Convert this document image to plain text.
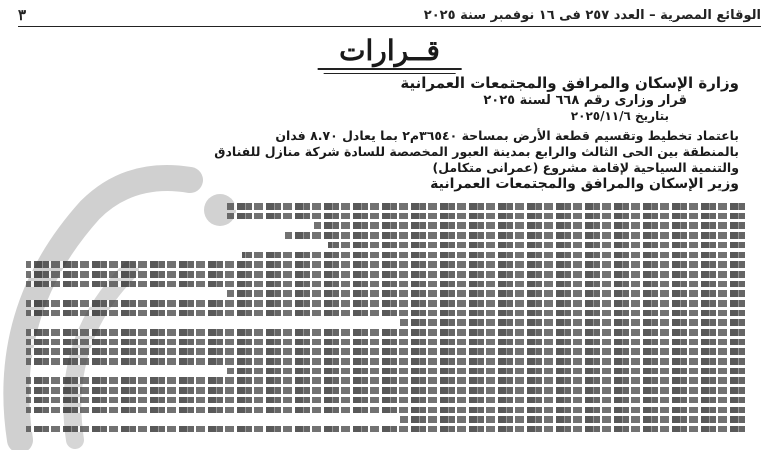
الوقائع المصرية – العدد ٢٥٧ فى ١٦ نوفمبر سنة ٢٠٢٥
٣
قــرارات
وزارة الإسكان والمرافق والمجتمعات العمرانية
قرار وزارى رقم ٦٦٨ لسنة ٢٠٢٥
بتاريخ ٢٠٢٥/١١/٦
باعتماد تخطيط وتقسيم قطعة الأرض بمساحة ٣٦٥٤٠م٢ بما يعادل ٨.٧٠ فدان
بالمنطقة بين الحى الثالث والرابع بمدينة العبور المخصصة للسادة شركة منازل للفنادق
والتنمية السياحية لإقامة مشروع (عمرانى متكامل)
وزير الإسكان والمرافق والمجتمعات العمرانية
